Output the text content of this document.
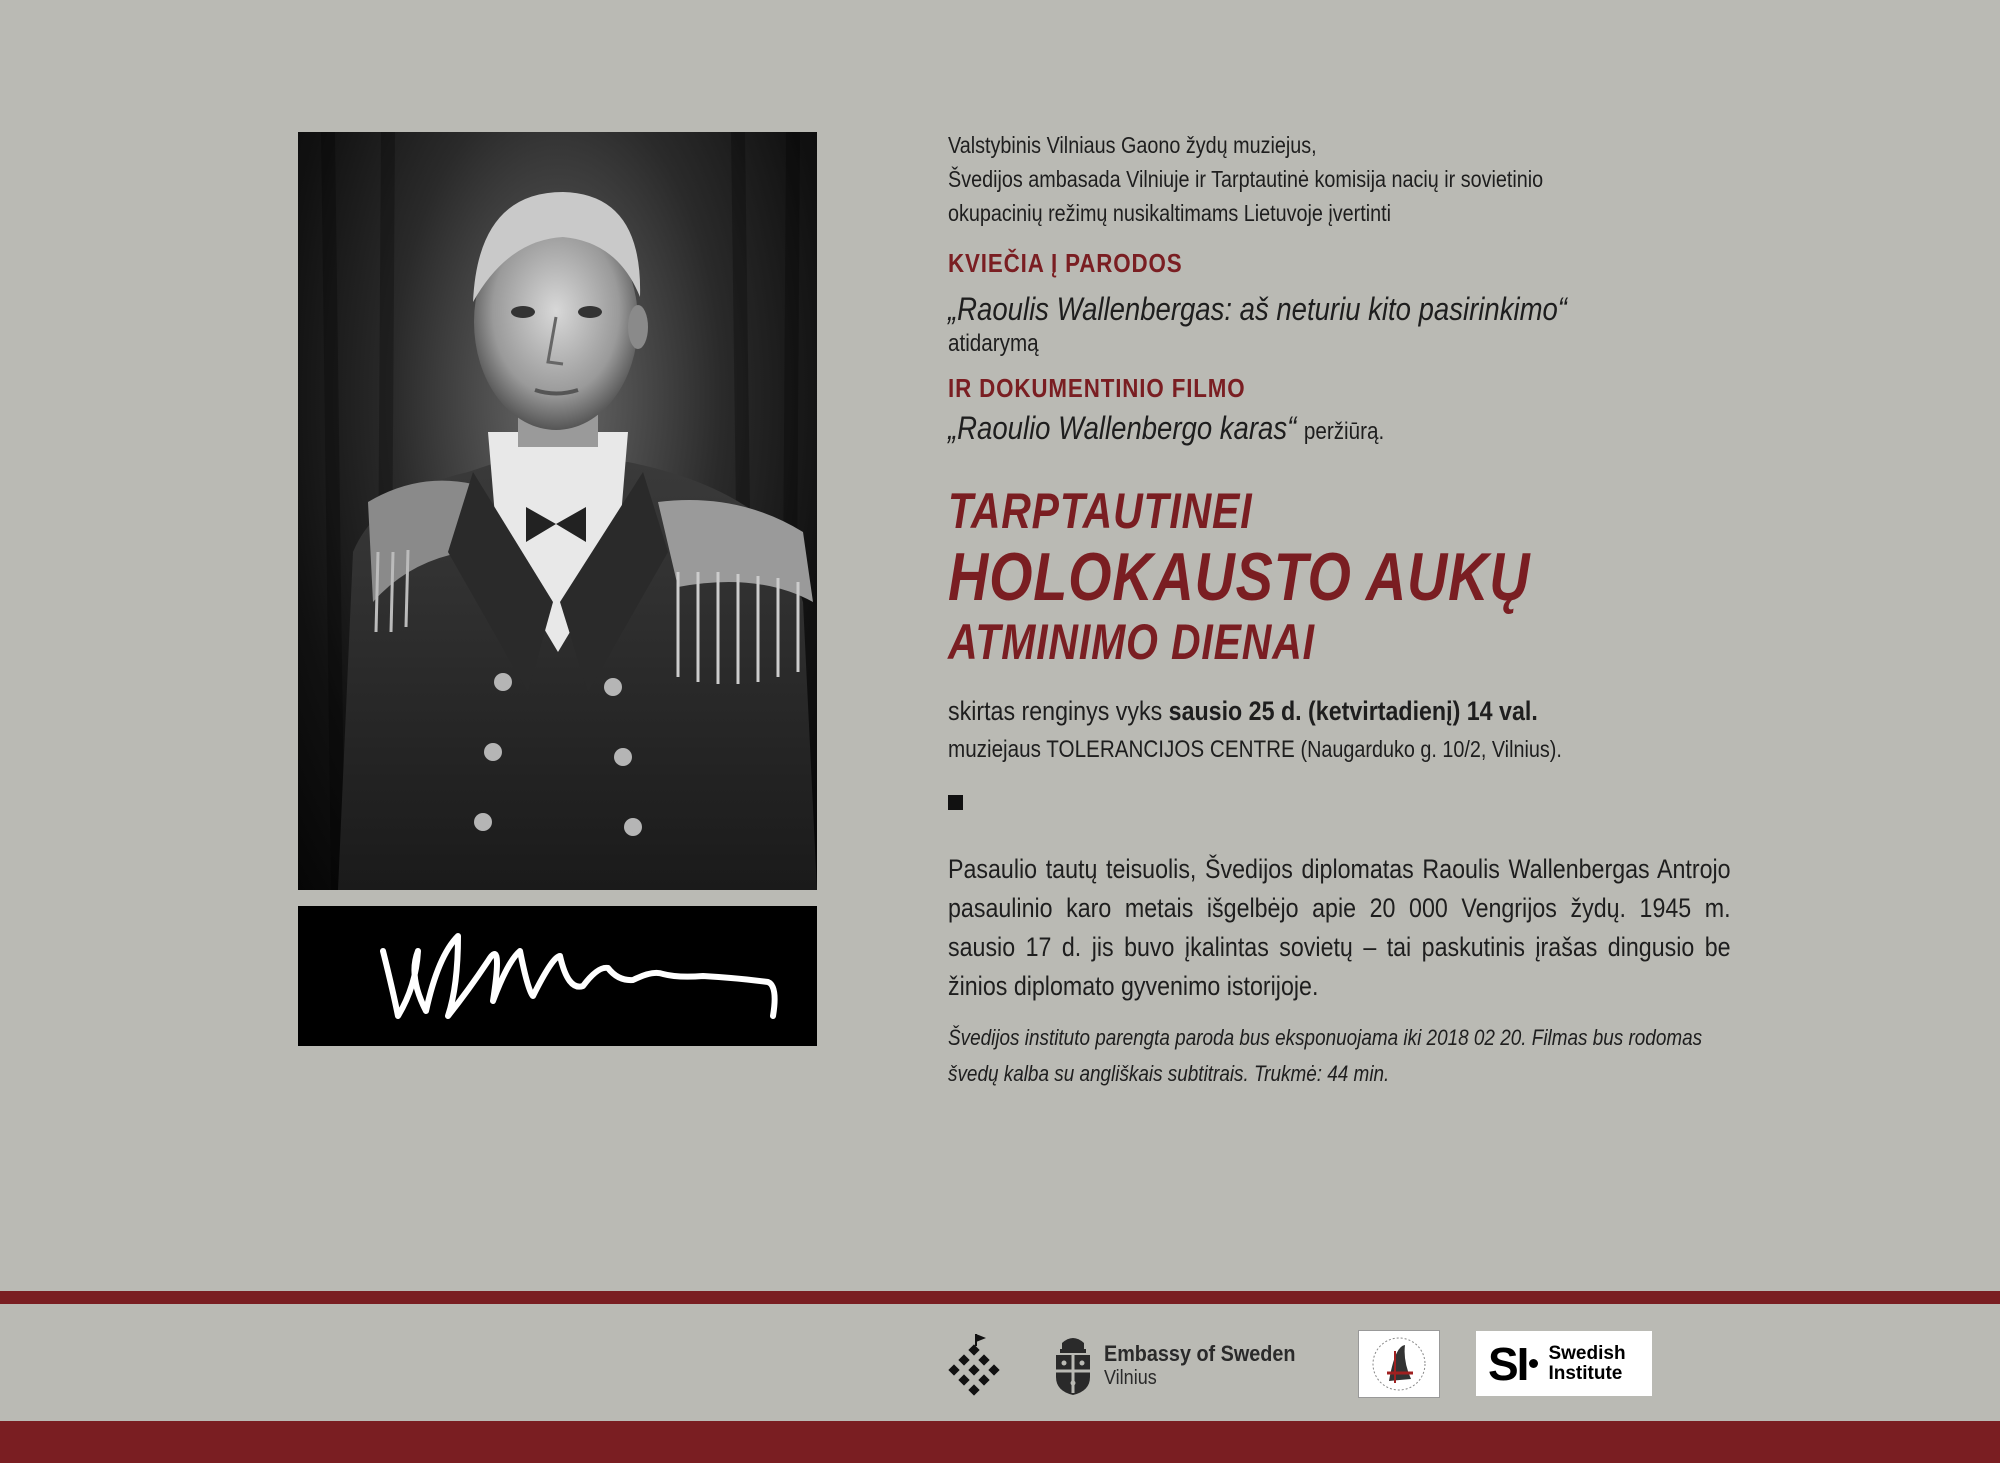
Valstybinis Vilniaus Gaono žydų muziejus,
Švedijos ambasada Vilniuje ir Tarptautinė komisija nacių ir sovietinio
okupacinių režimų nusikaltimams Lietuvoje įvertinti
KVIEČIA Į PARODOS
„Raoulis Wallenbergas: aš neturiu kito pasirinkimo“
atidarymą
IR DOKUMENTINIO FILMO
„Raoulio Wallenbergo karas“ peržiūrą.
TARPTAUTINEI
HOLOKAUSTO AUKŲ
ATMINIMO DIENAI
skirtas renginys vyks sausio 25 d. (ketvirtadienį) 14 val.
muziejaus TOLERANCIJOS CENTRE (Naugarduko g. 10/2, Vilnius).
Pasaulio tautų teisuolis, Švedijos diplomatas Raoulis Wallenbergas Antrojo pasaulinio karo metais išgelbėjo apie 20 000 Vengrijos žydų. 1945 m. sausio 17 d. jis buvo įkalintas sovietų – tai paskutinis įrašas dingusio be žinios diplomato gyvenimo istorijoje.
Švedijos instituto parengta paroda bus eksponuojama iki 2018 02 20. Filmas bus rodomas švedų kalba su angliškais subtitrais. Trukmė: 44 min.
Embassy of Sweden
Vilnius	SI Swedish
Institute
